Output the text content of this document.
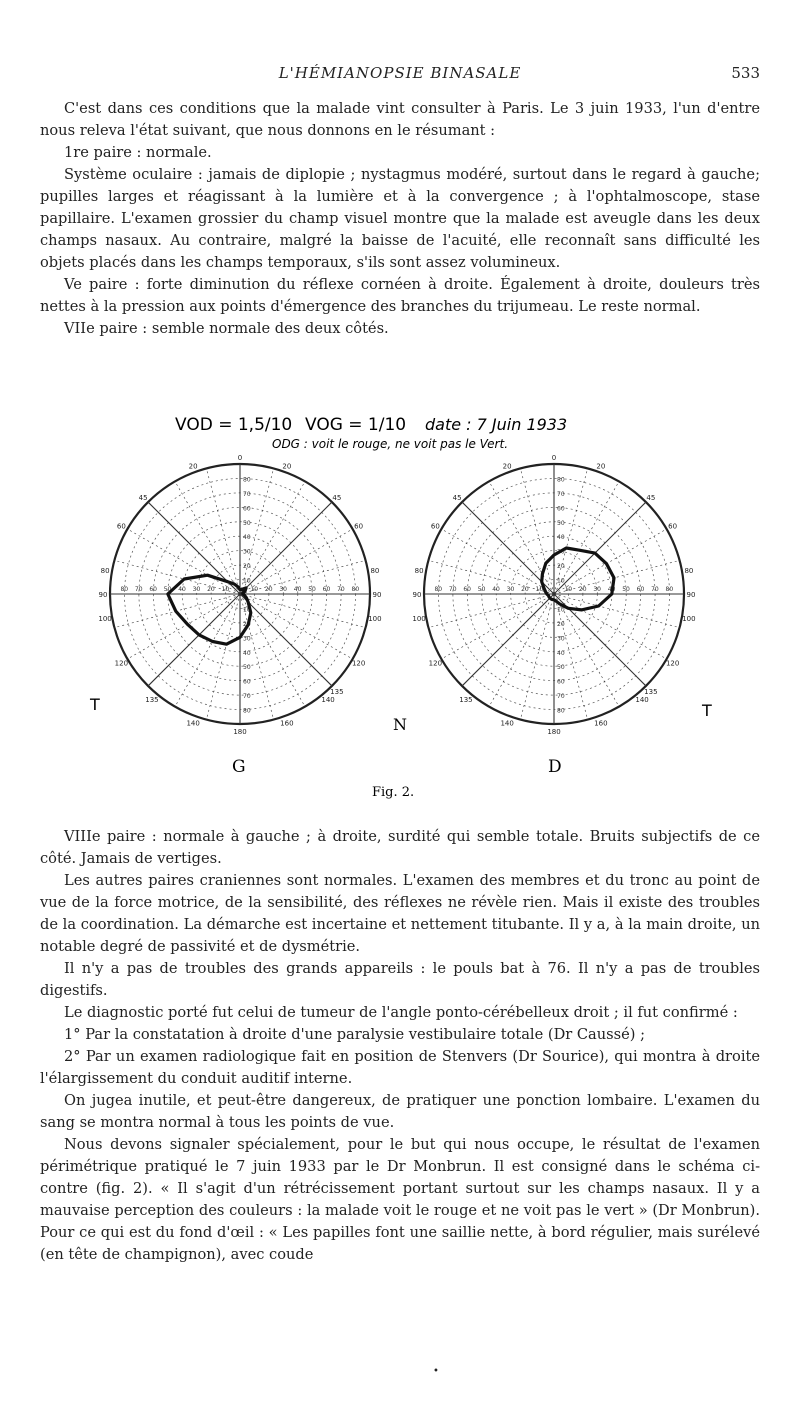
L'HÉMIANOPSIE BINASALE	533

C'est dans ces conditions que la malade vint consulter à Paris. Le 3 juin 1933, l'un d'entre nous releva l'état suivant, que nous donnons en le résumant :

1re paire : normale.

Système oculaire : jamais de diplopie ; nystagmus modéré, surtout dans le regard à gauche; pupilles larges et réagissant à la lumière et à la convergence ; à l'ophtalmoscope, stase papillaire. L'examen grossier du champ visuel montre que la malade est aveugle dans les deux champs nasaux. Au contraire, malgré la baisse de l'acuité, elle reconnaît sans difficulté les objets placés dans les champs temporaux, s'ils sont assez volumineux.

Ve paire : forte diminution du réflexe cornéen à droite. Également à droite, douleurs très nettes à la pression aux points d'émergence des branches du trijumeau. Le reste normal.

VIIe paire : semble normale des deux côtés.

VOD = 1,5/10 VOG = 1/10 date : 7 Juin 1933
ODG : voit le rouge, ne voit pas le Vert.
10
20
30
40
50
60
70
80
10 20 30 40 50 60 70 80
10
20
30
40
50
60
70
80
10
20
30
40
50
60
70
80
0
20
45
60
80
90
100
120
135
140
160
180
140
135
120
100
90
80
60
45
20
10
20
30
40
50
60
70
80
10 20 30 40 50 60 70 80
10
20
30
40
50
60
70
80
10
20
30
40
50
60
70
80
0
20
45
60
80
90
100
120
135
140
160
180
140
135
120
100
90
80
60
45
20
T
G
N
D
T
Fig. 2.

VIIIe paire : normale à gauche ; à droite, surdité qui semble totale. Bruits subjectifs de ce côté. Jamais de vertiges.

Les autres paires craniennes sont normales. L'examen des membres et du tronc au point de vue de la force motrice, de la sensibilité, des réflexes ne révèle rien. Mais il existe des troubles de la coordination. La démarche est incertaine et nettement titubante. Il y a, à la main droite, un notable degré de passivité et de dysmétrie.

Il n'y a pas de troubles des grands appareils : le pouls bat à 76. Il n'y a pas de troubles digestifs.

Le diagnostic porté fut celui de tumeur de l'angle ponto-cérébelleux droit ; il fut confirmé :

1° Par la constatation à droite d'une paralysie vestibulaire totale (Dr Caussé) ;

2° Par un examen radiologique fait en position de Stenvers (Dr Sourice), qui montra à droite l'élargissement du conduit auditif interne.

On jugea inutile, et peut-être dangereux, de pratiquer une ponction lombaire. L'examen du sang se montra normal à tous les points de vue.

Nous devons signaler spécialement, pour le but qui nous occupe, le résultat de l'examen périmétrique pratiqué le 7 juin 1933 par le Dr Monbrun. Il est consigné dans le schéma ci-contre (fig. 2). « Il s'agit d'un rétrécissement portant surtout sur les champs nasaux. Il y a mauvaise perception des couleurs : la malade voit le rouge et ne voit pas le vert » (Dr Monbrun). Pour ce qui est du fond d'œil : « Les papilles font une saillie nette, à bord régulier, mais surélevé (en tête de champignon), avec coude

•
